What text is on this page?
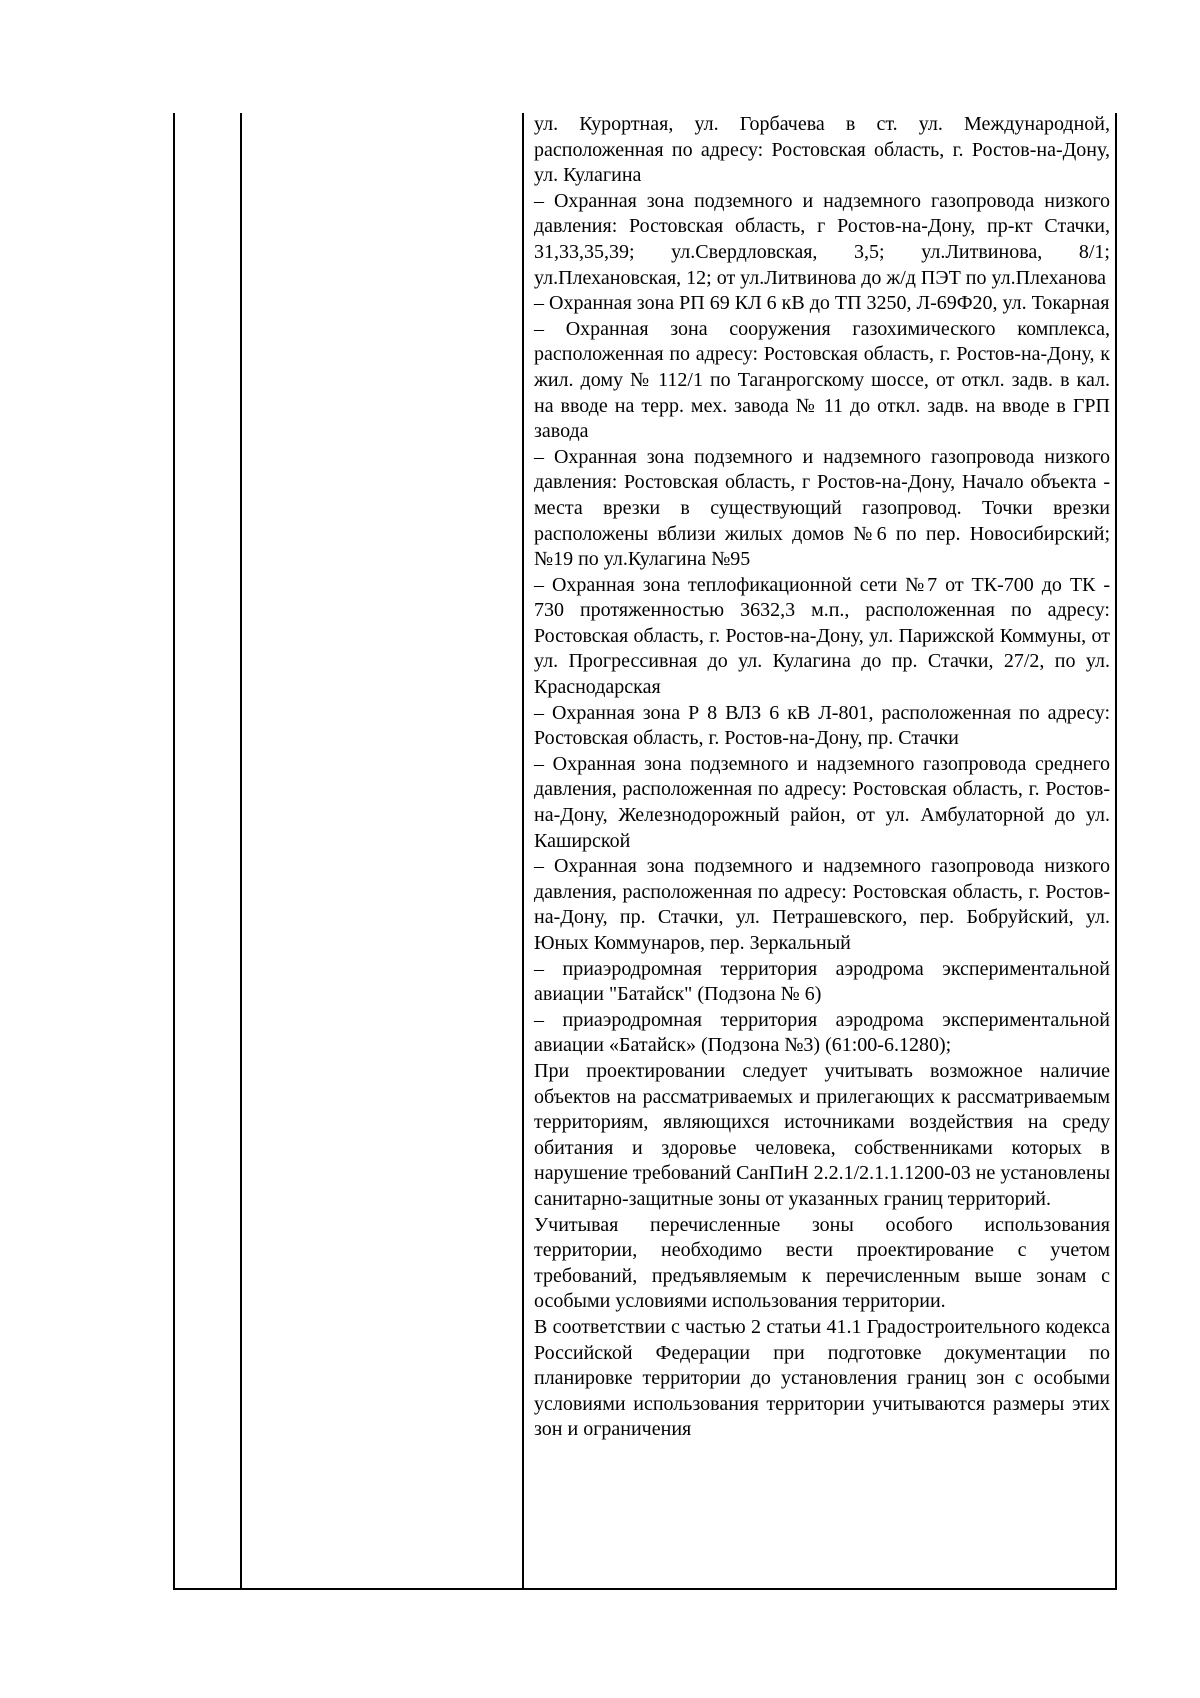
ул. Курортная, ул. Горбачева в ст. ул. Международной, расположенная по адресу: Ростовская область, г. Ростов-на-Дону, ул. Кулагина

– Охранная зона подземного и надземного газопровода низкого давления: Ростовская область, г Ростов-на-Дону, пр-кт Стачки, 31,33,35,39; ул.Свердловская, 3,5; ул.Литвинова, 8/1; ул.Плехановская, 12; от ул.Литвинова до ж/д ПЭТ по ул.Плеханова

– Охранная зона РП 69 КЛ 6 кВ до ТП 3250, Л-69Ф20, ул. Токарная

– Охранная зона сооружения газохимического комплекса, расположенная по адресу: Ростовская область, г. Ростов-на-Дону, к жил. дому № 112/1 по Таганрогскому шоссе, от откл. задв. в кал. на вводе на терр. мех. завода № 11 до откл. задв. на вводе в ГРП завода

– Охранная зона подземного и надземного газопровода низкого давления: Ростовская область, г Ростов-на-Дону, Начало объекта - места врезки в существующий газопровод. Точки врезки расположены вблизи жилых домов №6 по пер. Новосибирский; №19 по ул.Кулагина №95

– Охранная зона теплофикационной сети №7 от ТК-700 до ТК - 730 протяженностью 3632,3 м.п., расположенная по адресу: Ростовская область, г. Ростов-на-Дону, ул. Парижской Коммуны, от ул. Прогрессивная до ул. Кулагина до пр. Стачки, 27/2, по ул. Краснодарская

– Охранная зона Р 8 ВЛЗ 6 кВ Л-801, расположенная по адресу: Ростовская область, г. Ростов-на-Дону, пр. Стачки

– Охранная зона подземного и надземного газопровода среднего давления, расположенная по адресу: Ростовская область, г. Ростов-на-Дону, Железнодорожный район, от ул. Амбулаторной до ул. Каширской

– Охранная зона подземного и надземного газопровода низкого давления, расположенная по адресу: Ростовская область, г. Ростов-на-Дону, пр. Стачки, ул. Петрашевского, пер. Бобруйский, ул. Юных Коммунаров, пер. Зеркальный

– приаэродромная территория аэродрома экспериментальной авиации "Батайск" (Подзона № 6)

– приаэродромная территория аэродрома экспериментальной авиации «Батайск» (Подзона №3) (61:00-6.1280);

При проектировании следует учитывать возможное наличие объектов на рассматриваемых и прилегающих к рассматриваемым территориям, являющихся источниками воздействия на среду обитания и здоровье человека, собственниками которых в нарушение требований СанПиН 2.2.1/2.1.1.1200-03 не установлены санитарно-защитные зоны от указанных границ территорий.

Учитывая перечисленные зоны особого использования территории, необходимо вести проектирование с учетом требований, предъявляемым к перечисленным выше зонам с особыми условиями использования территории.

В соответствии с частью 2 статьи 41.1 Градостроительного кодекса Российской Федерации при подготовке документации по планировке территории до установления границ зон с особыми условиями использования территории учитываются размеры этих зон и ограничения
